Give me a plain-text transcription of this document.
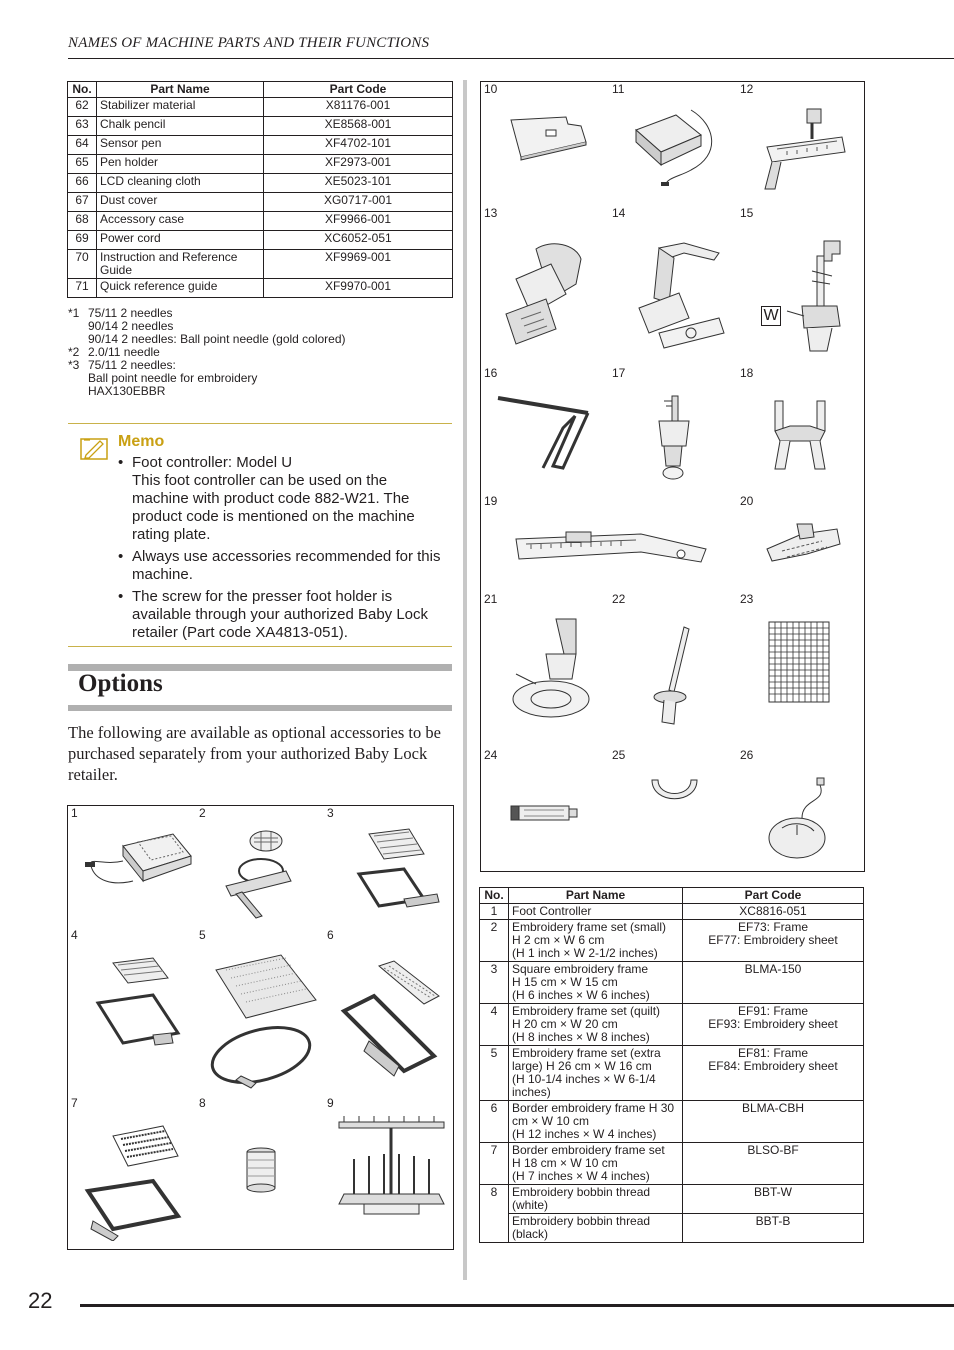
NAMES OF MACHINE PARTS AND THEIR FUNCTIONS
No.	Part Name	Part Code
62	Stabilizer material	X81176-001
63	Chalk pencil	XE8568-001
64	Sensor pen	XF4702-101
65	Pen holder	XF2973-001
66	LCD cleaning cloth	XE5023-101
67	Dust cover	XG0717-001
68	Accessory case	XF9966-001
69	Power cord	XC6052-051
70	Instruction and Reference Guide	XF9969-001
71	Quick reference guide	XF9970-001
*1 75/11 2 needles
90/14 2 needles
90/14 2 needles: Ball point needle (gold colored)
*2 2.0/11 needle
*3 75/11 2 needles:
Ball point needle for embroidery
HAX130EBBR
Memo
• Foot controller: Model U
This foot controller can be used on the machine with product code 882-W21. The product code is mentioned on the machine rating plate.
• Always use accessories recommended for this machine.
• The screw for the presser foot holder is available through your authorized Baby Lock retailer (Part code XA4813-051).
Options
The following are available as optional accessories to be purchased separately from your authorized Baby Lock retailer.
1	2	3
4	5	6
7	8	9
10	11	12
13	14	15
W
16	17	18
19	20
21	22	23
24	25	26
No.	Part Name	Part Code
1	Foot Controller	XC8816-051
2	Embroidery frame set (small)
H 2 cm × W 6 cm
(H 1 inch × W 2-1/2 inches)	EF73: Frame
EF77: Embroidery sheet
3	Square embroidery frame
H 15 cm × W 15 cm
(H 6 inches × W 6 inches)	BLMA-150
4	Embroidery frame set (quilt)
H 20 cm × W 20 cm
(H 8 inches × W 8 inches)	EF91: Frame
EF93: Embroidery sheet
5	Embroidery frame set (extra large) H 26 cm × W 16 cm
(H 10-1/4 inches × W 6-1/4 inches)	EF81: Frame
EF84: Embroidery sheet
6	Border embroidery frame H 30 cm × W 10 cm
(H 12 inches × W 4 inches)	BLMA-CBH
7	Border embroidery frame set
H 18 cm × W 10 cm
(H 7 inches × W 4 inches)	BLSO-BF
8	Embroidery bobbin thread (white)	BBT-W
	Embroidery bobbin thread (black)	BBT-B
22
